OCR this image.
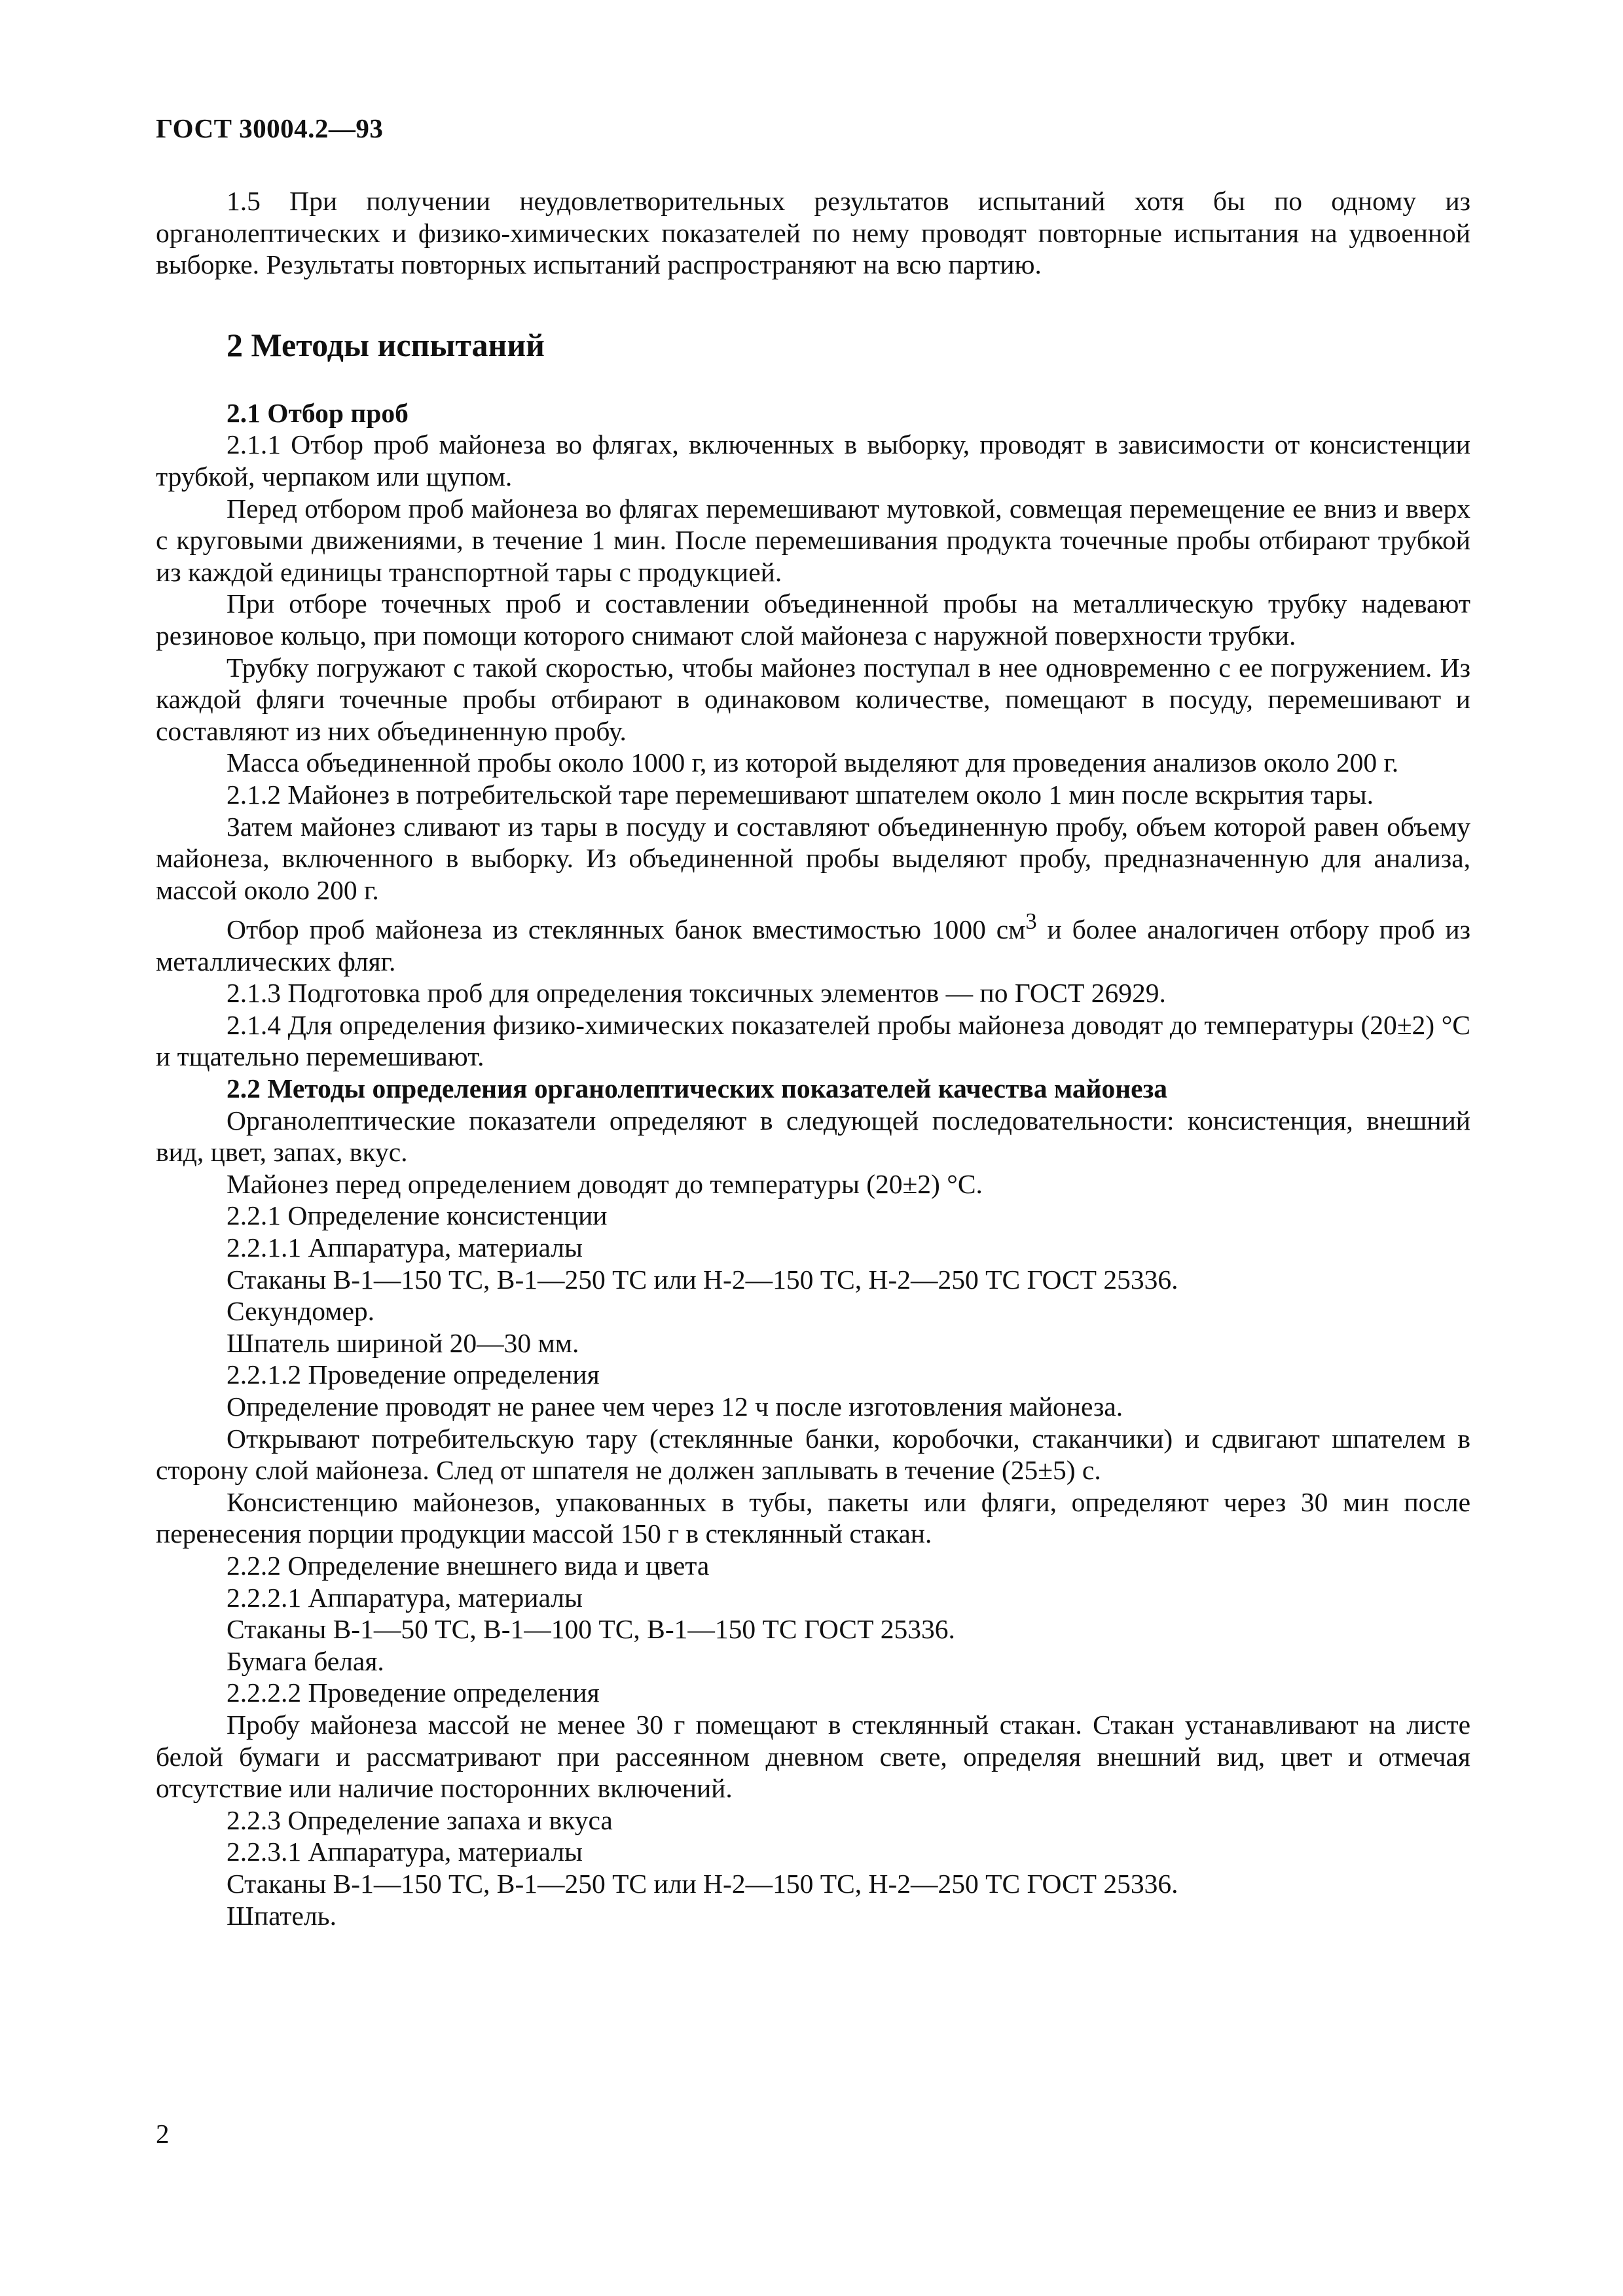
ГОСТ 30004.2—93

1.5 При получении неудовлетворительных результатов испытаний хотя бы по одному из органолептических и физико-химических показателей по нему проводят повторные испытания на удвоенной выборке. Результаты повторных испытаний распространяют на всю партию.

2 Методы испытаний
2.1 Отбор проб

2.1.1 Отбор проб майонеза во флягах, включенных в выборку, проводят в зависимости от консистенции трубкой, черпаком или щупом.

Перед отбором проб майонеза во флягах перемешивают мутовкой, совмещая перемещение ее вниз и вверх с круговыми движениями, в течение 1 мин. После перемешивания продукта точечные пробы отбирают трубкой из каждой единицы транспортной тары с продукцией.

При отборе точечных проб и составлении объединенной пробы на металлическую трубку надевают резиновое кольцо, при помощи которого снимают слой майонеза с наружной поверхности трубки.

Трубку погружают с такой скоростью, чтобы майонез поступал в нее одновременно с ее погружением. Из каждой фляги точечные пробы отбирают в одинаковом количестве, помещают в посуду, перемешивают и составляют из них объединенную пробу.

Масса объединенной пробы около 1000 г, из которой выделяют для проведения анализов около 200 г.

2.1.2 Майонез в потребительской таре перемешивают шпателем около 1 мин после вскрытия тары.

Затем майонез сливают из тары в посуду и составляют объединенную пробу, объем которой равен объему майонеза, включенного в выборку. Из объединенной пробы выделяют пробу, предназначенную для анализа, массой около 200 г.

Отбор проб майонеза из стеклянных банок вместимостью 1000 $см^3$ и более аналогичен отбору проб из металлических фляг.

2.1.3 Подготовка проб для определения токсичных элементов — по ГОСТ 26929.

2.1.4 Для определения физико-химических показателей пробы майонеза доводят до температуры (20±2) °С и тщательно перемешивают.

2.2 Методы определения органолептических показателей качества майонеза

Органолептические показатели определяют в следующей последовательности: консистенция, внешний вид, цвет, запах, вкус.

Майонез перед определением доводят до температуры (20±2) °С.

2.2.1 Определение консистенции

2.2.1.1 Аппаратура, материалы

Стаканы В-1—150 ТС, В-1—250 ТС или Н-2—150 ТС, Н-2—250 ТС ГОСТ 25336.

Секундомер.

Шпатель шириной 20—30 мм.

2.2.1.2 Проведение определения

Определение проводят не ранее чем через 12 ч после изготовления майонеза.

Открывают потребительскую тару (стеклянные банки, коробочки, стаканчики) и сдвигают шпателем в сторону слой майонеза. След от шпателя не должен заплывать в течение (25±5) с.

Консистенцию майонезов, упакованных в тубы, пакеты или фляги, определяют через 30 мин после перенесения порции продукции массой 150 г в стеклянный стакан.

2.2.2 Определение внешнего вида и цвета

2.2.2.1 Аппаратура, материалы

Стаканы В-1—50 ТС, В-1—100 ТС, В-1—150 ТС ГОСТ 25336.

Бумага белая.

2.2.2.2 Проведение определения

Пробу майонеза массой не менее 30 г помещают в стеклянный стакан. Стакан устанавливают на листе белой бумаги и рассматривают при рассеянном дневном свете, определяя внешний вид, цвет и отмечая отсутствие или наличие посторонних включений.

2.2.3 Определение запаха и вкуса

2.2.3.1 Аппаратура, материалы

Стаканы В-1—150 ТС, В-1—250 ТС или Н-2—150 ТС, Н-2—250 ТС ГОСТ 25336.

Шпатель.

2
